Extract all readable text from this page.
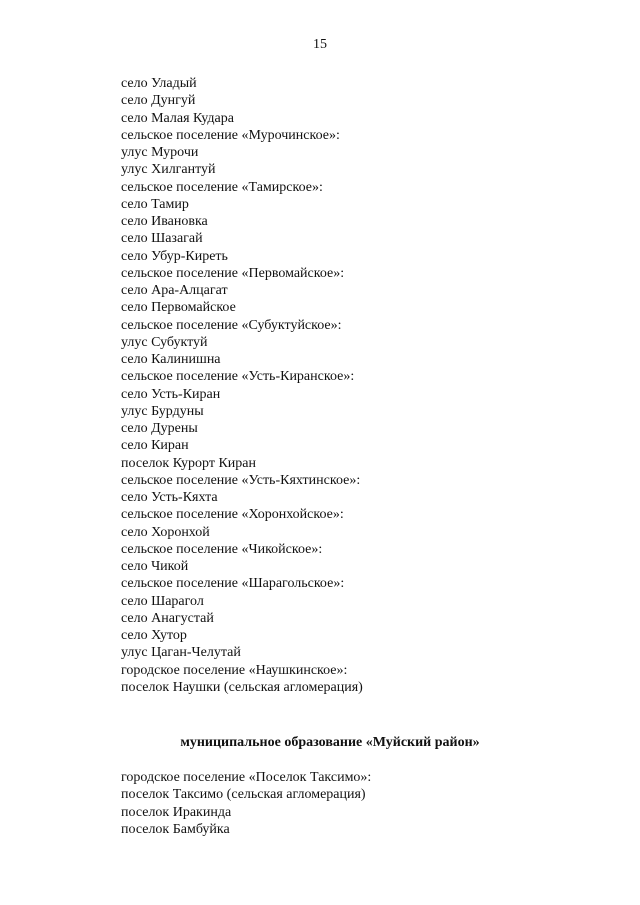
15
село Уладый
село Дунгуй
село Малая Кудара
сельское поселение «Мурочинское»:
улус Мурочи
улус Хилгантуй
сельское поселение «Тамирское»:
село Тамир
село Ивановка
село Шазагай
село Убур-Киреть
сельское поселение «Первомайское»:
село Ара-Алцагат
село Первомайское
сельское поселение «Субуктуйское»:
улус Субуктуй
село Калинишна
сельское поселение «Усть-Киранское»:
село Усть-Киран
улус Бурдуны
село Дурены
село Киран
поселок Курорт Киран
сельское поселение «Усть-Кяхтинское»:
село Усть-Кяхта
сельское поселение «Хоронхойское»:
село Хоронхой
сельское поселение «Чикойское»:
село Чикой
сельское поселение «Шарагольское»:
село Шарагол
село Анагустай
село Хутор
улус Цаган-Челутай
городское поселение «Наушкинское»:
поселок Наушки (сельская агломерация)
муниципальное образование «Муйский район»
городское поселение «Поселок Таксимо»:
поселок Таксимо (сельская агломерация)
поселок Иракинда
поселок Бамбуйка
